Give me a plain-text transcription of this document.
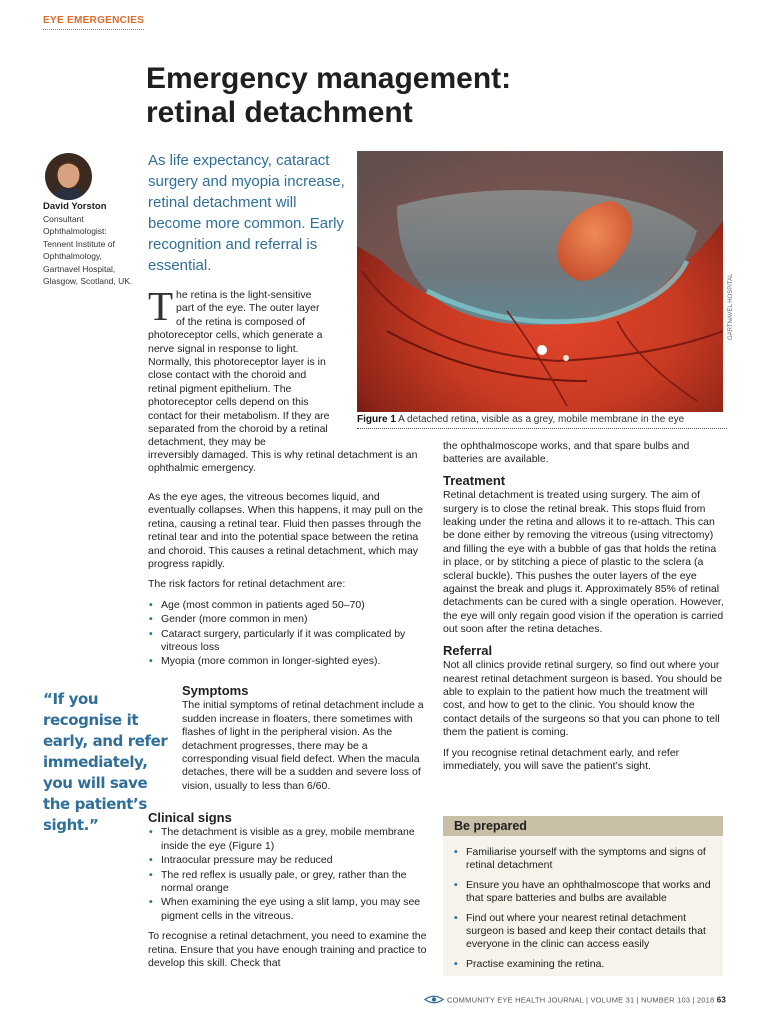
EYE EMERGENCIES
Emergency management:
retinal detachment
David Yorston
Consultant Ophthalmologist: Tennent Institute of Ophthalmology, Gartnavel Hospital, Glasgow, Scotland, UK.
As life expectancy, cataract surgery and myopia increase, retinal detachment will become more common. Early recognition and referral is essential.
The retina is the light-sensitive part of the eye. The outer layer of the retina is composed of photoreceptor cells, which generate a nerve signal in response to light. Normally, this photoreceptor layer is in close contact with the choroid and retinal pigment epithelium. The photoreceptor cells depend on this contact for their metabolism. If they are separated from the choroid by a retinal detachment, they may be
irreversibly damaged. This is why retinal detachment is an ophthalmic emergency.

As the eye ages, the vitreous becomes liquid, and eventually collapses. When this happens, it may pull on the retina, causing a retinal tear. Fluid then passes through the retinal tear and into the potential space between the retina and choroid. This causes a retinal detachment, which may progress rapidly.

The risk factors for retinal detachment are:

• Age (most common in patients aged 50–70)
• Gender (more common in men)
• Cataract surgery, particularly if it was complicated by vitreous loss
• Myopia (more common in longer-sighted eyes).
“If you recognise it early, and refer immediately, you will save the patient’s sight.”
Symptoms

The initial symptoms of retinal detachment include a sudden increase in floaters, there sometimes with flashes of light in the peripheral vision. As the detachment progresses, there may be a corresponding visual field defect. When the macula detaches, there will be a sudden and severe loss of vision, usually to less than 6/60.

Clinical signs
• The detachment is visible as a grey, mobile membrane inside the eye (Figure 1)
• Intraocular pressure may be reduced
• The red reflex is usually pale, or grey, rather than the normal orange
• When examining the eye using a slit lamp, you may see pigment cells in the vitreous.

To recognise a retinal detachment, you need to examine the retina. Ensure that you have enough training and practice to develop this skill. Check that

GARTNAVEL HOSPITAL
Figure 1 A detached retina, visible as a grey, mobile membrane in the eye

the ophthalmoscope works, and that spare bulbs and batteries are available.

Treatment

Retinal detachment is treated using surgery. The aim of surgery is to close the retinal break. This stops fluid from leaking under the retina and allows it to re-attach. This can be done either by removing the vitreous (using vitrectomy) and filling the eye with a bubble of gas that holds the retina in place, or by stitching a piece of plastic to the sclera (a scleral buckle). This pushes the outer layers of the eye against the break and plugs it. Approximately 85% of retinal detachments can be cured with a single operation. However, the eye will only regain good vision if the operation is carried out soon after the retina detaches.

Referral

Not all clinics provide retinal surgery, so find out where your nearest retinal detachment surgeon is based. You should be able to explain to the patient how much the treatment will cost, and how to get to the clinic. You should know the contact details of the surgeons so that you can phone to tell them the patient is coming.

If you recognise retinal detachment early, and refer immediately, you will save the patient’s sight.

Be prepared
• Familiarise yourself with the symptoms and signs of retinal detachment
• Ensure you have an ophthalmoscope that works and that spare batteries and bulbs are available
• Find out where your nearest retinal detachment surgeon is based and keep their contact details that everyone in the clinic can access easily
• Practise examining the retina.
COMMUNITY EYE HEALTH JOURNAL | VOLUME 31 | NUMBER 103 | 2018 63
